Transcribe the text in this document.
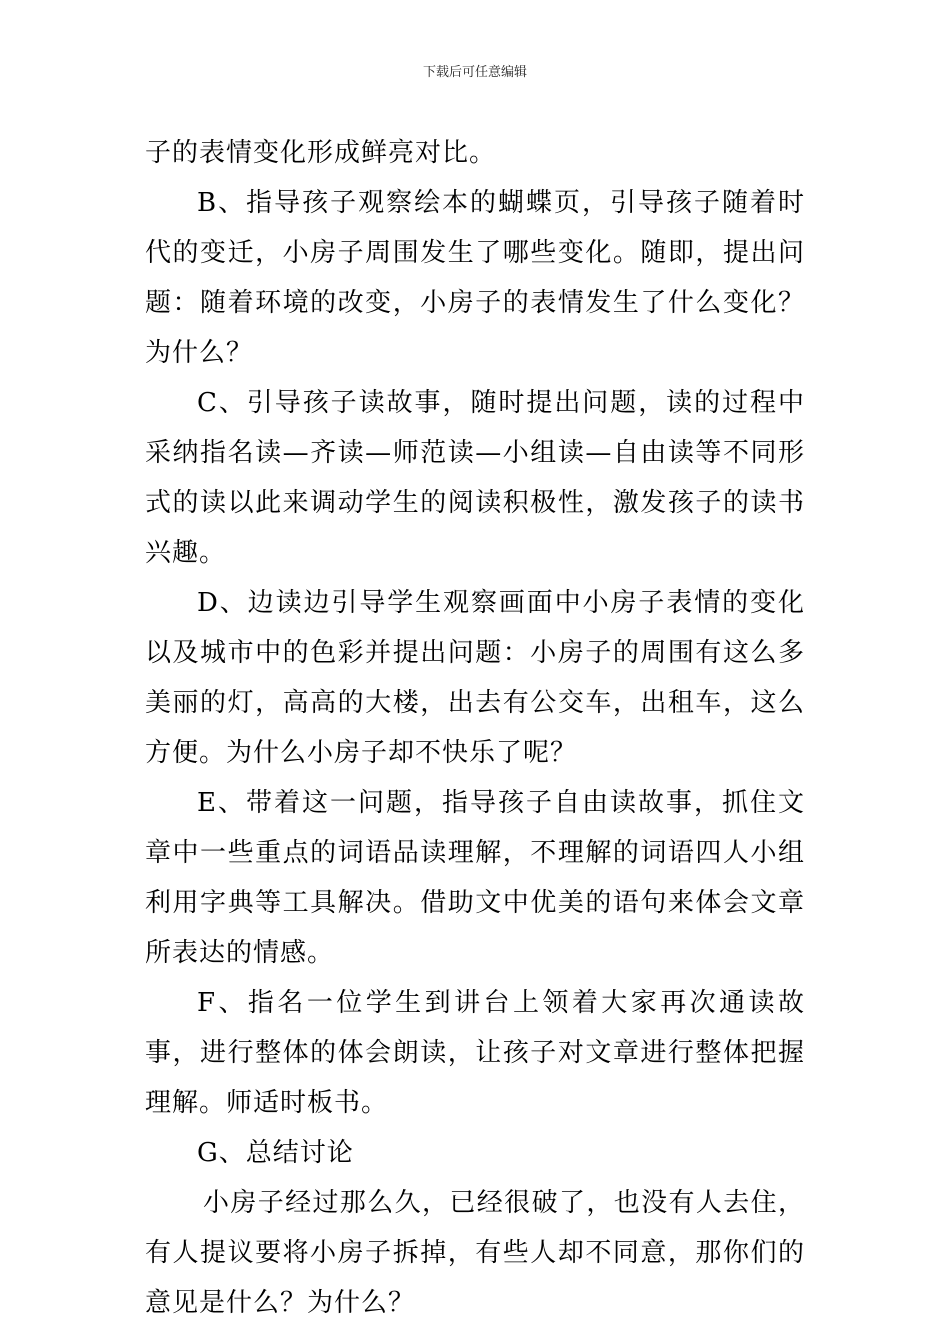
下载后可任意编辑

子的表情变化形成鲜亮对比。

B、指导孩子观察绘本的蝴蝶页，引导孩子随着时代的变迁，小房子周围发生了哪些变化。随即，提出问题：随着环境的改变，小房子的表情发生了什么变化？为什么？

C、引导孩子读故事，随时提出问题，读的过程中采纳指名读—齐读—师范读—小组读—自由读等不同形式的读以此来调动学生的阅读积极性，激发孩子的读书兴趣。

D、边读边引导学生观察画面中小房子表情的变化以及城市中的色彩并提出问题：小房子的周围有这么多美丽的灯，高高的大楼，出去有公交车，出租车，这么方便。为什么小房子却不快乐了呢？

E、带着这一问题，指导孩子自由读故事，抓住文章中一些重点的词语品读理解，不理解的词语四人小组利用字典等工具解决。借助文中优美的语句来体会文章所表达的情感。

F、指名一位学生到讲台上领着大家再次通读故事，进行整体的体会朗读，让孩子对文章进行整体把握理解。师适时板书。

G、总结讨论

小房子经过那么久，已经很破了，也没有人去住，有人提议要将小房子拆掉，有些人却不同意，那你们的意见是什么？为什么？
